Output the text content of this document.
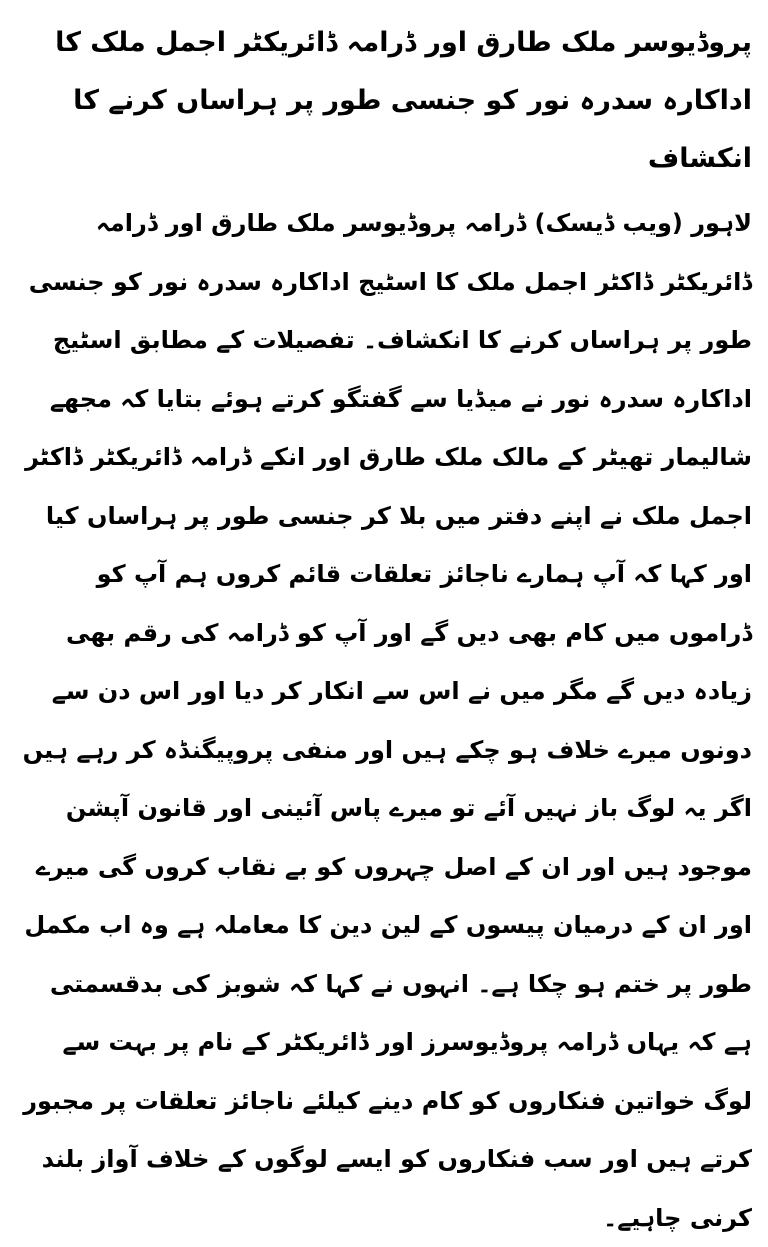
پروڈیوسر ملک طارق اور ڈرامہ ڈائریکٹر اجمل ملک کا اداکارہ سدرہ نور کو جنسی طور پر ہراساں کرنے کا انکشاف

لاہور (ویب ڈیسک) ڈرامہ پروڈیوسر ملک طارق اور ڈرامہ ڈائریکٹر ڈاکٹر اجمل ملک کا اسٹیج اداکارہ سدرہ نور کو جنسی طور پر ہراساں کرنے کا انکشاف۔ تفصیلات کے مطابق اسٹیج اداکارہ سدرہ نور نے میڈیا سے گفتگو کرتے ہوئے بتایا کہ مجھے شالیمار تھیٹر کے مالک ملک طارق اور انکے ڈرامہ ڈائریکٹر ڈاکٹر اجمل ملک نے اپنے دفتر میں بلا کر جنسی طور پر ہراساں کیا اور کہا کہ آپ ہمارے ناجائز تعلقات قائم کروں ہم آپ کو ڈراموں میں کام بھی دیں گے اور آپ کو ڈرامہ کی رقم بھی زیادہ دیں گے مگر میں نے اس سے انکار کر دیا اور اس دن سے دونوں میرے خلاف ہو چکے ہیں اور منفی پروپیگنڈہ کر رہے ہیں اگر یہ لوگ باز نہیں آئے تو میرے پاس آئینی اور قانون آپشن موجود ہیں اور ان کے اصل چہروں کو بے نقاب کروں گی میرے اور ان کے درمیان پیسوں کے لین دین کا معاملہ ہے وہ اب مکمل طور پر ختم ہو چکا ہے۔ انہوں نے کہا کہ شوبز کی بدقسمتی ہے کہ یہاں ڈرامہ پروڈیوسرز اور ڈائریکٹر کے نام پر بہت سے لوگ خواتین فنکاروں کو کام دینے کیلئے ناجائز تعلقات پر مجبور کرتے ہیں اور سب فنکاروں کو ایسے لوگوں کے خلاف آواز بلند کرنی چاہیے۔
